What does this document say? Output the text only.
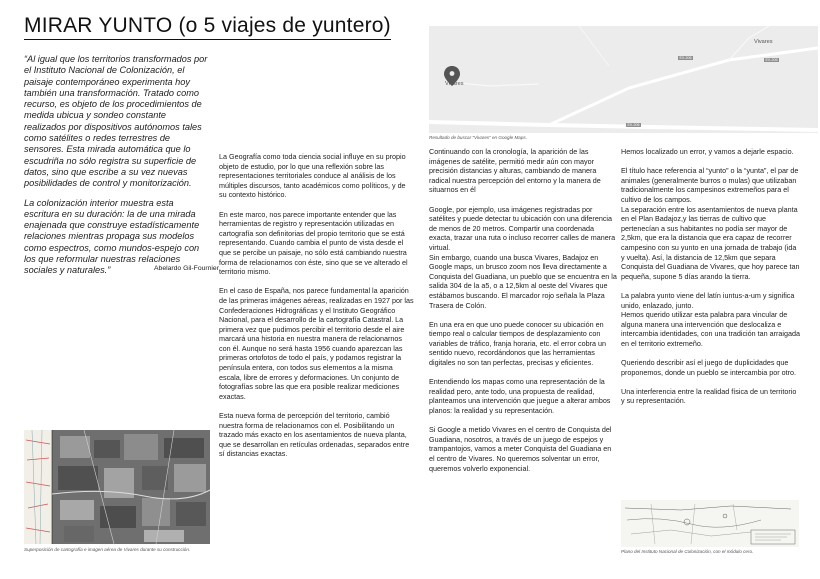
MIRAR YUNTO (o 5 viajes de yuntero)

“Al igual que los territorios transformados por el Instituto Nacional de Colonización, el paisaje contemporáneo experimenta hoy también una transformación. Tratado como recurso, es objeto de los procedimientos de medida ubicua y sondeo constante realizados por dispositivos autónomos tales como satélites o redes terrestres de sensores. Esta mirada automática que lo escudriña no sólo registra su superficie de datos, sino que escribe a su vez nuevas posibilidades de control y monitorización.

La colonización interior muestra esta escritura en su duración: la de una mirada enajenada que construye estadísticamente relaciones mientras propaga sus modelos como espectros, como mundos-espejo con los que reformular nuestras relaciones sociales y naturales.”	Abelardo Gil-Fournier
Superposición de cartografía e imagen aérea de Vivares durante su construcción.

La Geografía como toda ciencia social influye en su propio objeto de estudio, por lo que una reflexión sobre las representaciones territoriales conduce al análisis de los múltiples discursos, tanto académicos como políticos, y de su contexto histórico.

En este marco, nos parece importante entender que las herramientas de registro y representación utilizadas en cartografía son definitorias del propio territorio que se está representando. Cuando cambia el punto de vista desde el que se percibe un paisaje, no sólo está cambiando nuestra forma de relacionarnos con éste, sino que se ve alterado el territorio mismo.

En el caso de España, nos parece fundamental la aparición de las primeras imágenes aéreas, realizadas en 1927 por las Confederaciones Hidrográficas y el Instituto Geográfico Nacional, para el desarrollo de la cartografía Catastral. La primera vez que pudimos percibir el territorio desde el aire marcará una historia en nuestra manera de relacionarnos con él. Aunque no será hasta 1956 cuando aparezcan las primeras ortofotos de todo el país, y podamos registrar la península entera, con todos sus elementos a la misma escala, libre de errores y deformaciones. Un conjunto de fotografías sobre las que era posible realizar mediciones exactas.

Esta nueva forma de percepción del territorio, cambió nuestra forma de relacionarnos con el. Posibilitando un trazado más exacto en los asentamientos de nueva planta, que se desarrollan en retículas ordenadas, separados entre sí distancias exactas.

Vivares
Vivares
EX-206	EX-206
EX-206
Resultado de buscar “Vivares” en Google Maps.

Continuando con la cronología, la aparición de las imágenes de satélite, permitió medir aún con mayor precisión distancias y alturas, cambiando de manera radical nuestra percepción del entorno y la manera de situarnos en él

Google, por ejemplo, usa imágenes registradas por satélites y puede detectar tu ubicación con una diferencia de menos de 20 metros. Compartir una coordenada exacta, trazar una ruta o incluso recorrer calles de manera virtual.
Sin embargo, cuando una busca Vivares, Badajoz en Google maps, un brusco zoom nos lleva directamente a Conquista del Guadiana, un pueblo que se encuentra en la salida 304 de la a5, o a 12,5km al oeste del Vivares que estábamos buscando. El marcador rojo señala la Plaza Trasera de Colón.

En una era en que uno puede conocer su ubicación en tiempo real o calcular tiempos de desplazamiento con variables de tráfico, franja horaria, etc. el error cobra un sentido nuevo, recordándonos que las herramientas digitales no son tan perfectas, precisas y eficientes.

Entendiendo los mapas como una representación de la realidad pero, ante todo, una propuesta de realidad, planteamos una intervención que juegue a alterar ambos planos: la realidad y su representación.

Si Google a metido Vivares en el centro de Conquista del Guadiana, nosotros, a través de un juego de espejos y trampantojos, vamos a meter Conquista del Guadiana en el centro de Vivares. No queremos solventar un error, queremos volverlo exponencial.

Hemos localizado un error, y vamos a dejarle espacio.

El título hace referencia al “yunto” o la “yunta”, el par de animales (generalmente burros o mulas) que utilizaban tradicionalmente los campesinos extremeños para el cultivo de los campos.
La separación entre los asentamientos de nueva planta en el Plan Badajoz,y las tierras de cultivo que pertenecían a sus habitantes no podía ser mayor de 2,5km, que era la distancia que era capaz de recorrer campesino con su yunto en una jornada de trabajo (ida y vuelta). Así, la distancia de 12,5km que separa Conquista del Guadiana de Vivares, que hoy parece tan pequeña, supone 5 días arando la tierra.

La palabra yunto viene del latín iuntus-a-um y significa unido, enlazado, junto.
Hemos querido utilizar esta palabra para vincular de alguna manera una intervención que deslocaliza e intercambia identidades, con una tradición tan arraigada en el territorio extremeño.

Queriendo describir así el juego de duplicidades que proponemos, donde un pueblo se intercambia por otro.

Una interferencia entre la realidad física de un territorio y su representación.

Plano del Instituto Nacional de Colonización, con el módulo cero.
